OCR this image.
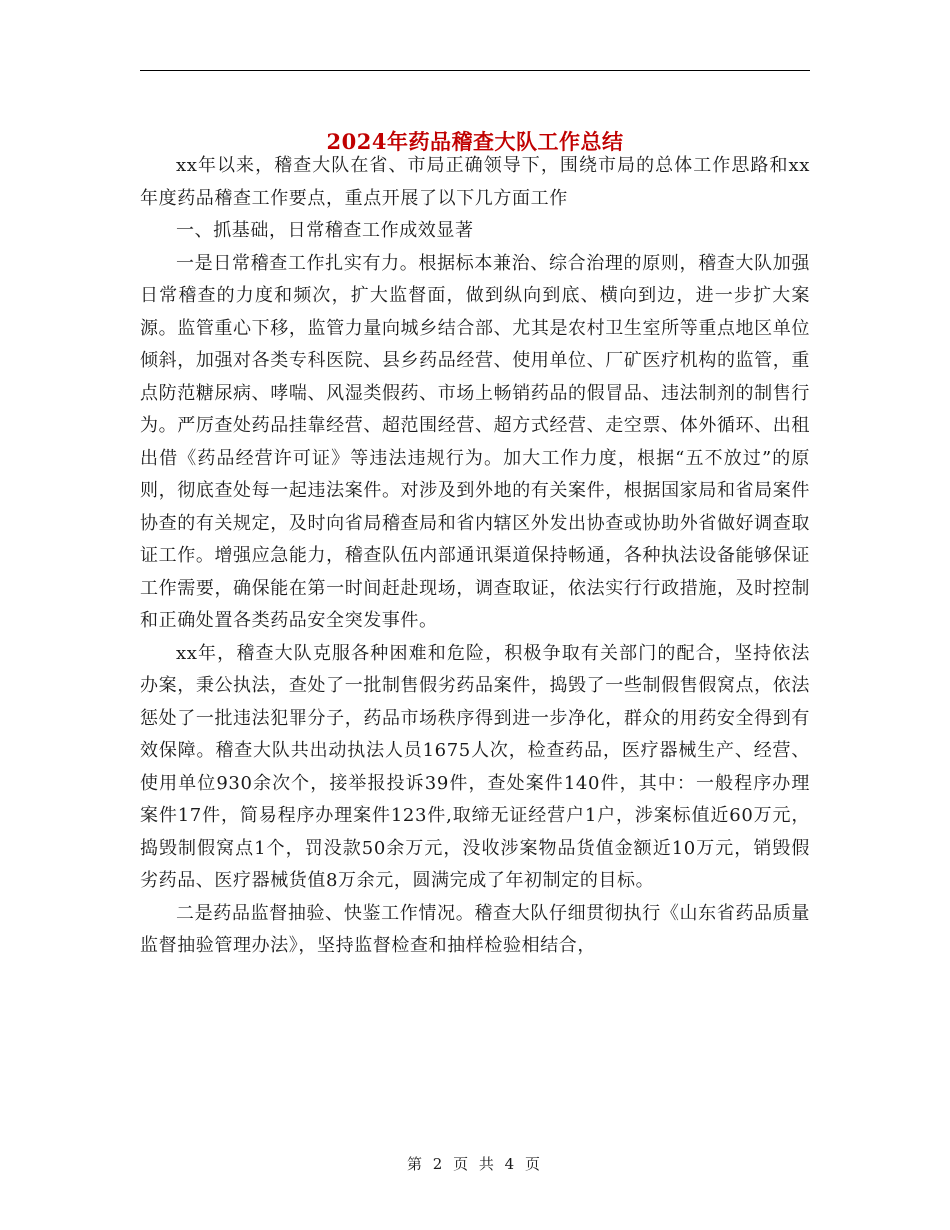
2024年药品稽查大队工作总结

xx年以来，稽查大队在省、市局正确领导下，围绕市局的总体工作思路和xx年度药品稽查工作要点，重点开展了以下几方面工作

一、抓基础，日常稽查工作成效显著

一是日常稽查工作扎实有力。根据标本兼治、综合治理的原则，稽查大队加强日常稽查的力度和频次，扩大监督面，做到纵向到底、横向到边，进一步扩大案源。监管重心下移，监管力量向城乡结合部、尤其是农村卫生室所等重点地区单位倾斜，加强对各类专科医院、县乡药品经营、使用单位、厂矿医疗机构的监管，重点防范糖尿病、哮喘、风湿类假药、市场上畅销药品的假冒品、违法制剂的制售行为。严厉查处药品挂靠经营、超范围经营、超方式经营、走空票、体外循环、出租出借《药品经营许可证》等违法违规行为。加大工作力度，根据“五不放过”的原则，彻底查处每一起违法案件。对涉及到外地的有关案件，根据国家局和省局案件协查的有关规定，及时向省局稽查局和省内辖区外发出协查或协助外省做好调查取证工作。增强应急能力，稽查队伍内部通讯渠道保持畅通，各种执法设备能够保证工作需要，确保能在第一时间赶赴现场，调查取证，依法实行行政措施，及时控制和正确处置各类药品安全突发事件。

xx年，稽查大队克服各种困难和危险，积极争取有关部门的配合，坚持依法办案，秉公执法，查处了一批制售假劣药品案件，捣毁了一些制假售假窝点，依法惩处了一批违法犯罪分子，药品市场秩序得到进一步净化，群众的用药安全得到有效保障。稽查大队共出动执法人员1675人次，检查药品，医疗器械生产、经营、使用单位930余次个，接举报投诉39件，查处案件140件，其中：一般程序办理案件17件，简易程序办理案件123件,取缔无证经营户1户，涉案标值近60万元，捣毁制假窝点1个，罚没款50余万元，没收涉案物品货值金额近10万元，销毁假劣药品、医疗器械货值8万余元，圆满完成了年初制定的目标。

二是药品监督抽验、快鉴工作情况。稽查大队仔细贯彻执行《山东省药品质量监督抽验管理办法》，坚持监督检查和抽样检验相结合，

第 2 页 共 4 页
